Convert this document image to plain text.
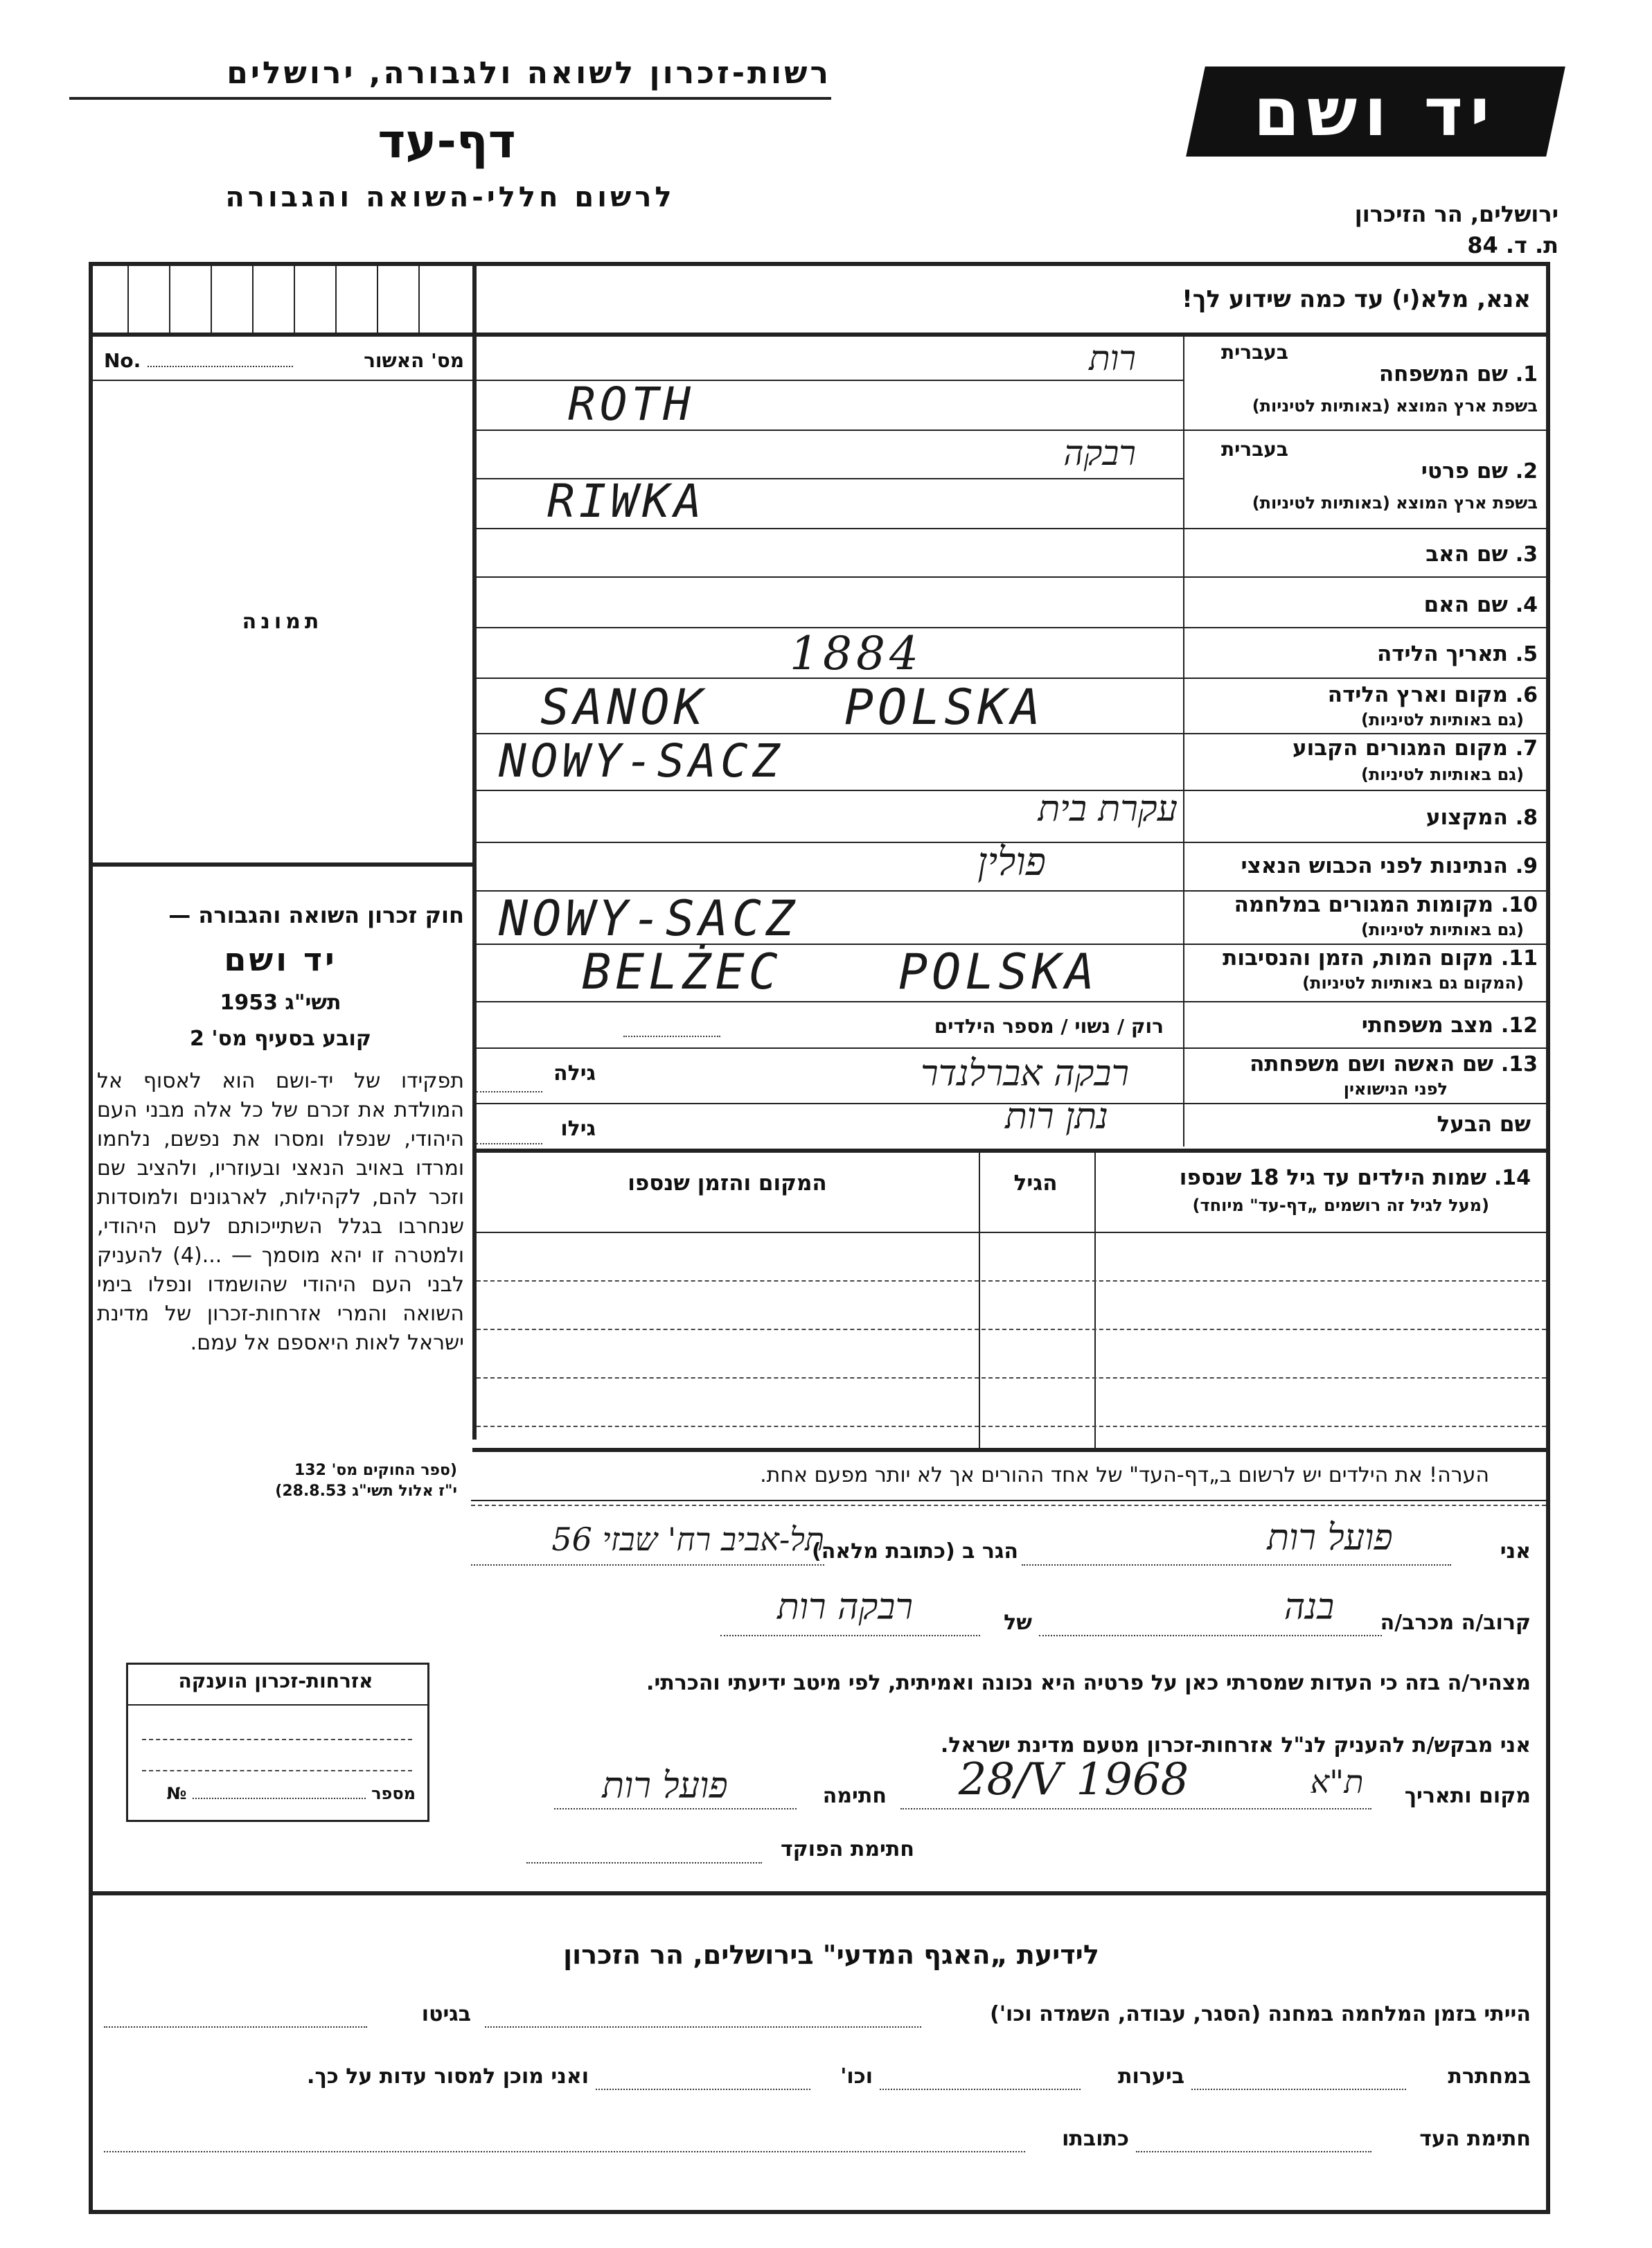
רשות-זכרון לשואה ולגבורה, ירושלים
דף-עד
לרשום חללי-השואה והגבורה
יד ושם
ירושלים, הר הזיכרון
ת. ד. 84
אנא, מלא(י) עד כמה שידוע לך!
No.	מס' האשור
תמונה
בעברית
1. שם המשפחה
בשפת ארץ המוצא (באותיות לטיניות)
רות
ROTH
בעברית
2. שם פרטי
בשפת ארץ המוצא (באותיות לטיניות)
רבקה
RIWKA
3. שם האב
4. שם האם
5. תאריך הלידה
1884
6. מקום וארץ הלידה
(גם באותיות לטיניות)
SANOK POLSKA
7. מקום המגורים הקבוע
(גם באותיות לטיניות)
NOWY-SACZ
8. המקצוע
עקרת בית
9. הנתינות לפני הכבוש הנאצי
פולין
10. מקומות המגורים במלחמה
(גם באותיות לטיניות)
NOWY-SACZ
11. מקום המות, הזמן והנסיבות
(המקום גם באותיות לטיניות)
BELŻEC POLSKA
12. מצב משפחתי
רוק / נשוי / מספר הילדים
13. שם האשה ושם משפחתה
לפני הנישואין
רבקה אברלנדר
גילה
שם הבעל
נתן רות
גילו
14. שמות הילדים עד גיל 18 שנספו
(מעל לגיל זה רושמים „דף-עד" מיוחד)
הגיל
המקום והזמן שנספו
חוק זכרון השואה והגבורה —
יד ושם
תשי"ג 1953
קובע בסעיף מס' 2
תפקידו של יד-ושם הוא לאסוף אל המולדת את זכרם של כל אלה מבני העם היהודי, שנפלו ומסרו את נפשם, נלחמו ומרדו באויב הנאצי ובעוזריו, ולהציב שם וזכר להם, לקהילות, לארגונים ולמוסדות שנחרבו בגלל השתייכותם לעם היהודי, ולמטרה זו יהא מוסמך — ...(4) להעניק לבני העם היהודי שהושמדו ונפלו בימי השואה והמרי אזרחות-זכרון של מדינת ישראל לאות היאספם אל עמם.
(ספר החוקים מס' 132
י"ז אלול תשי"ג 28.8.53)
הערה! את הילדים יש לרשום ב„דף-העד" של אחד ההורים אך לא יותר מפעם אחת.
אני
פועל רות
הגר ב (כתובת מלאה)
תל-אביב רח' שבזי 56
קרוב/ה מכרב/ה
בנה
של
רבקה רות
מצהיר/ה בזה כי העדות שמסרתי כאן על פרטיה היא נכונה ואמיתית, לפי מיטב ידיעתי והכרתי.
אני מבקש/ת להעניק לנ"ל אזרחות-זכרון מטעם מדינת ישראל.
מקום ותאריך
ת"א
28/V 1968
חתימה
פועל רות
חתימת הפוקד
אזרחות-זכרון הוענקה
מספר  №
לידיעת „האגף המדעי" בירושלים, הר הזכרון
הייתי בזמן המלחמה במחנה (הסגר, עבודה, השמדה וכו')
בגיטו
במחתרת
ביערות
וכו'
ואני מוכן למסור עדות על כך.
חתימת העד
כתובתו
